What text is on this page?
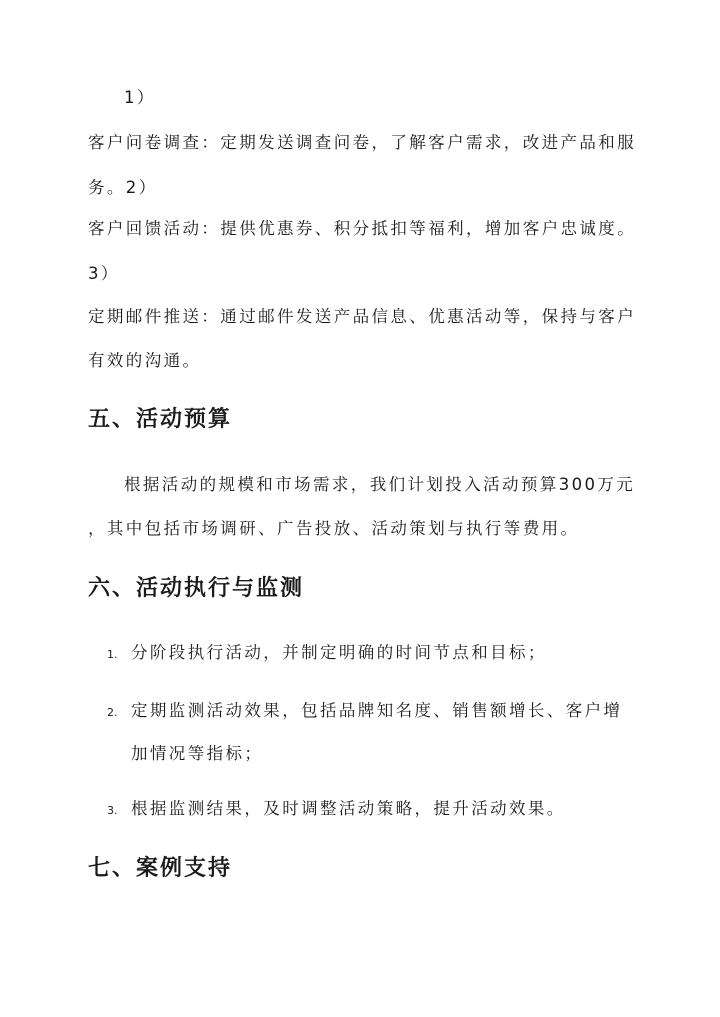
1）
客户问卷调查：定期发送调查问卷，了解客户需求，改进产品和服
务。2）
客户回馈活动：提供优惠券、积分抵扣等福利，增加客户忠诚度。
3）
定期邮件推送：通过邮件发送产品信息、优惠活动等，保持与客户
有效的沟通。
五、活动预算
根据活动的规模和市场需求，我们计划投入活动预算300万元
，其中包括市场调研、广告投放、活动策划与执行等费用。
六、活动执行与监测
1. 分阶段执行活动，并制定明确的时间节点和目标；
2. 定期监测活动效果，包括品牌知名度、销售额增长、客户增
加情况等指标；
3. 根据监测结果，及时调整活动策略，提升活动效果。
七、案例支持
